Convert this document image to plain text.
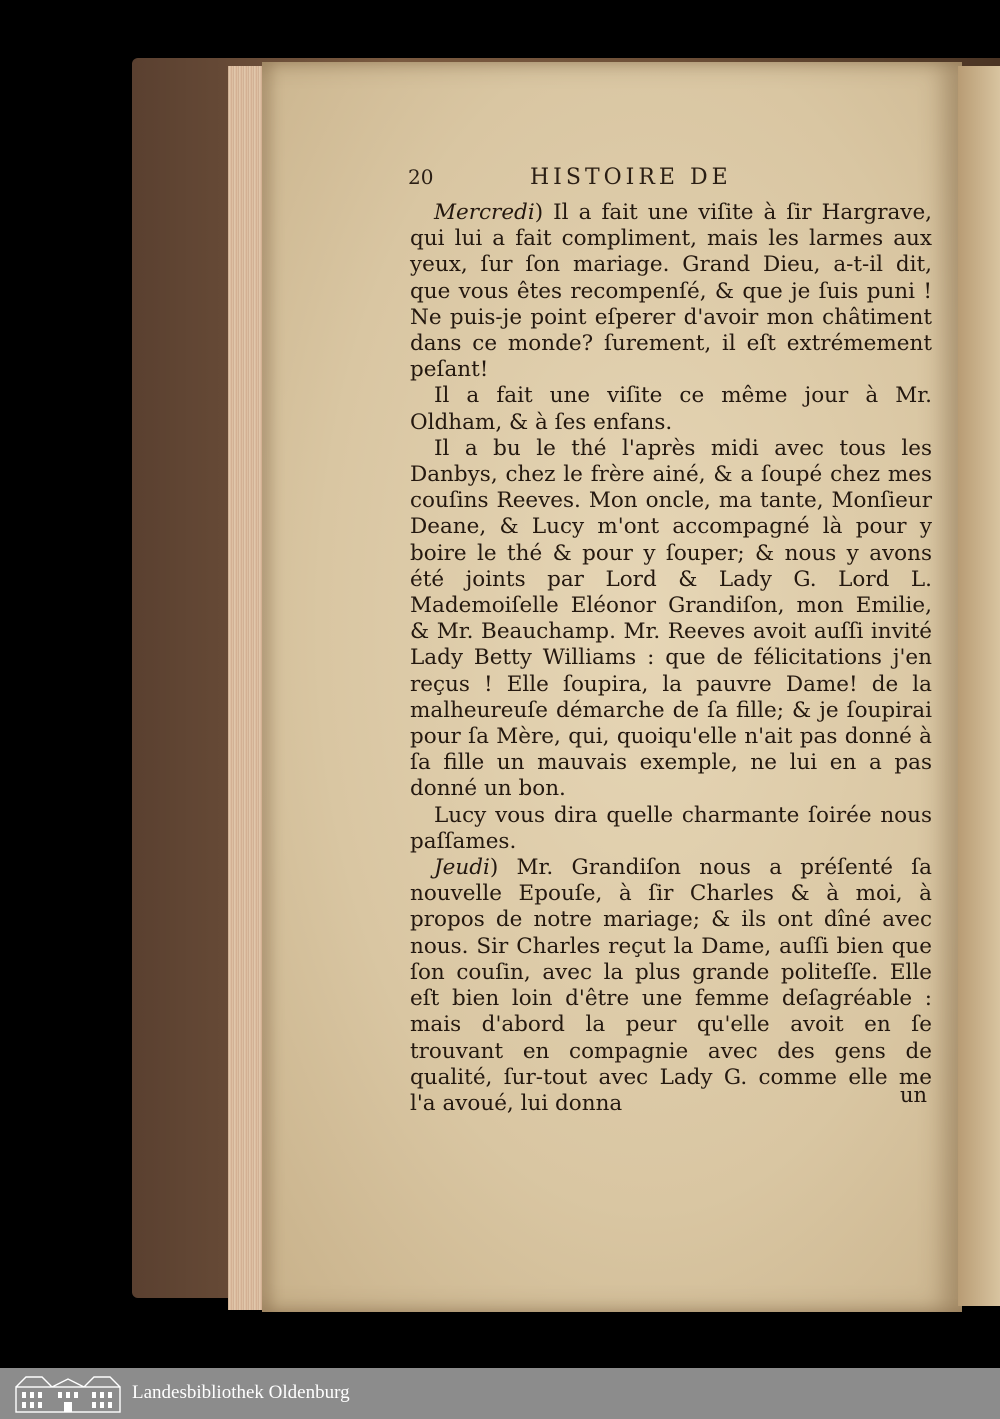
20	HISTOIRE DE

Mercredi) Il a fait une viſite à ſir Hargrave, qui lui a fait compliment, mais les larmes aux yeux, ſur ſon mariage. Grand Dieu, a-t-il dit, que vous êtes recompenſé, & que je ſuis puni ! Ne puis-je point eſperer d'avoir mon châtiment dans ce monde? ſurement, il eſt extrémement peſant!

Il a fait une viſite ce même jour à Mr. Oldham, & à ſes enfans.

Il a bu le thé l'après midi avec tous les Danbys, chez le frère ainé, & a ſoupé chez mes couſins Reeves. Mon oncle, ma tante, Monſieur Deane, & Lucy m'ont accompagné là pour y boire le thé & pour y ſouper; & nous y avons été joints par Lord & Lady G. Lord L. Mademoiſelle Eléonor Grandiſon, mon Emilie, & Mr. Beauchamp. Mr. Reeves avoit auſſi invité Lady Betty Williams : que de félicitations j'en reçus ! Elle ſoupira, la pauvre Dame! de la malheureuſe démarche de ſa fille; & je ſoupirai pour ſa Mère, qui, quoiqu'elle n'ait pas donné à ſa fille un mauvais exemple, ne lui en a pas donné un bon.

Lucy vous dira quelle charmante ſoirée nous paſſames.

Jeudi) Mr. Grandiſon nous a préſenté ſa nouvelle Epouſe, à ſir Charles & à moi, à propos de notre mariage; & ils ont dîné avec nous. Sir Charles reçut la Dame, auſſi bien que ſon couſin, avec la plus grande politeſſe. Elle eſt bien loin d'être une femme deſagréable : mais d'abord la peur qu'elle avoit en ſe trouvant en compagnie avec des gens de qualité, ſur-tout avec Lady G. comme elle me l'a avoué, lui donna	un
Landesbibliothek Oldenburg
